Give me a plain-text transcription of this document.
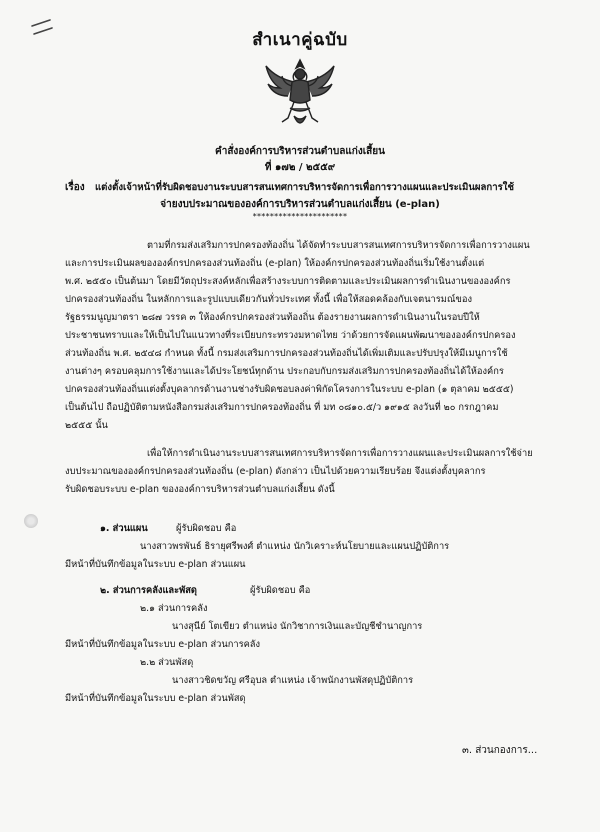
สำเนาคู่ฉบับ
คำสั่งองค์การบริหารส่วนตำบลแก่งเสี้ยน
ที่ ๑๗๒ / ๒๕๕๙
เรื่อง แต่งตั้งเจ้าหน้าที่รับผิดชอบงานระบบสารสนเทศการบริหารจัดการเพื่อการวางแผนและประเมินผลการใช้
จ่ายงบประมาณขององค์การบริหารส่วนตำบลแก่งเสี้ยน (e-plan)
**********************
ตามที่กรมส่งเสริมการปกครองท้องถิ่น ได้จัดทำระบบสารสนเทศการบริหารจัดการเพื่อการวางแผน
และการประเมินผลขององค์กรปกครองส่วนท้องถิ่น (e-plan) ให้องค์กรปกครองส่วนท้องถิ่นเริ่มใช้งานตั้งแต่
พ.ศ. ๒๕๕๐ เป็นต้นมา โดยมีวัตถุประสงค์หลักเพื่อสร้างระบบการติดตามและประเมินผลการดำเนินงานขององค์กร
ปกครองส่วนท้องถิ่น ในหลักการและรูปแบบเดียวกันทั่วประเทศ ทั้งนี้ เพื่อให้สอดคล้องกับเจตนารมณ์ของ
รัฐธรรมนูญมาตรา ๒๘๗ วรรค ๓ ให้องค์กรปกครองส่วนท้องถิ่น ต้องรายงานผลการดำเนินงานในรอบปีให้
ประชาชนทราบและให้เป็นไปในแนวทางที่ระเบียบกระทรวงมหาดไทย ว่าด้วยการจัดแผนพัฒนาขององค์กรปกครอง
ส่วนท้องถิ่น พ.ศ. ๒๕๔๘ กำหนด ทั้งนี้ กรมส่งเสริมการปกครองส่วนท้องถิ่นได้เพิ่มเติมและปรับปรุงให้มีเมนูการใช้
งานต่างๆ ครอบคลุมการใช้งานและได้ประโยชน์ทุกด้าน ประกอบกับกรมส่งเสริมการปกครองท้องถิ่นได้ให้องค์กร
ปกครองส่วนท้องถิ่นแต่งตั้งบุคลากรด้านงานช่างรับผิดชอบลงค่าพิกัดโครงการในระบบ e-plan (๑ ตุลาคม ๒๕๕๕)
เป็นต้นไป ถือปฏิบัติตามหนังสือกรมส่งเสริมการปกครองท้องถิ่น ที่ มท ๐๘๑๐.๕/ว ๑๙๑๕ ลงวันที่ ๒๐ กรกฎาคม
๒๕๕๕ นั้น
เพื่อให้การดำเนินงานระบบสารสนเทศการบริหารจัดการเพื่อการวางแผนและประเมินผลการใช้จ่าย
งบประมาณขององค์กรปกครองส่วนท้องถิ่น (e-plan) ดังกล่าว เป็นไปด้วยความเรียบร้อย จึงแต่งตั้งบุคลากร
รับผิดชอบระบบ e-plan ขององค์การบริหารส่วนตำบลแก่งเสี้ยน ดังนี้
๑. ส่วนแผน	ผู้รับผิดชอบ คือ
นางสาวพรพันธ์ ธิรายุศรีพงศ์ ตำแหน่ง นักวิเคราะห์นโยบายและแผนปฏิบัติการ
มีหน้าที่บันทึกข้อมูลในระบบ e-plan ส่วนแผน
๒. ส่วนการคลังและพัสดุ	ผู้รับผิดชอบ คือ
๒.๑ ส่วนการคลัง
นางสุนีย์ โตเขียว ตำแหน่ง นักวิชาการเงินและบัญชีชำนาญการ
มีหน้าที่บันทึกข้อมูลในระบบ e-plan ส่วนการคลัง
๒.๒ ส่วนพัสดุ
นางสาวชิดขวัญ ศรีอุบล ตำแหน่ง เจ้าพนักงานพัสดุปฏิบัติการ
มีหน้าที่บันทึกข้อมูลในระบบ e-plan ส่วนพัสดุ
๓. ส่วนกองการ...
